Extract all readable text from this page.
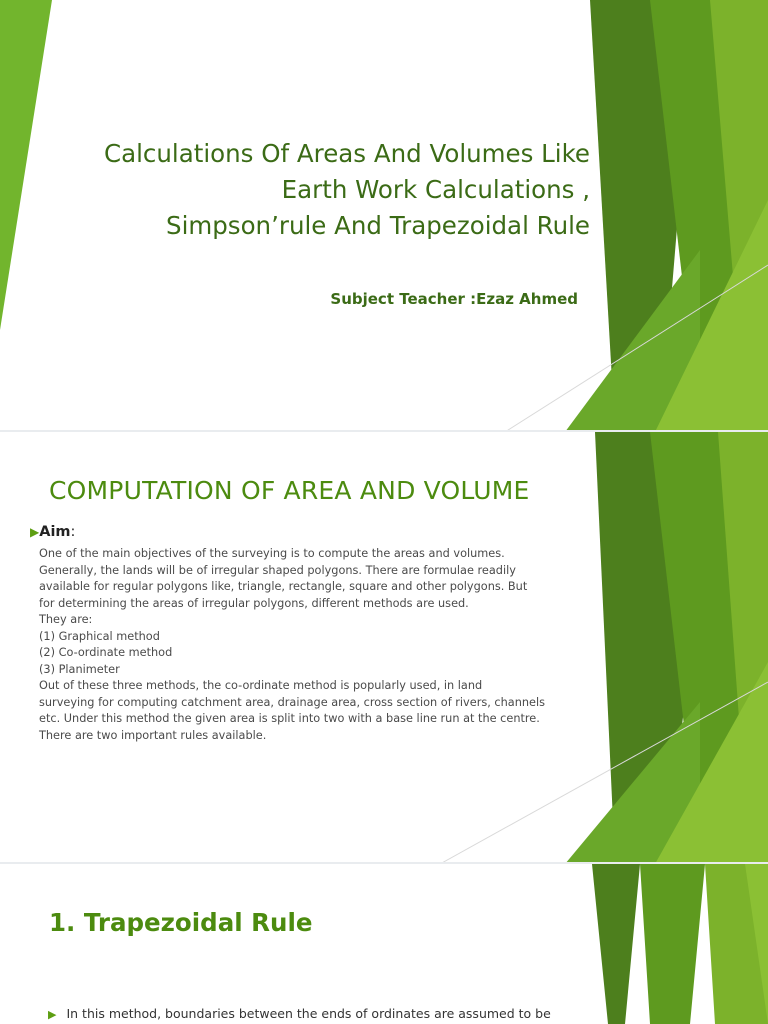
Calculations Of Areas And Volumes Like
Earth Work Calculations ,
Simpson’rule And Trapezoidal Rule
Subject Teacher :Ezaz Ahmed
COMPUTATION OF AREA AND VOLUME
▶Aim:
One of the main objectives of the surveying is to compute the areas and volumes.
Generally, the lands will be of irregular shaped polygons. There are formulae readily
available for regular polygons like, triangle, rectangle, square and other polygons. But
for determining the areas of irregular polygons, different methods are used.
They are:
(1) Graphical method
(2) Co-ordinate method
(3) Planimeter
Out of these three methods, the co-ordinate method is popularly used, in land
surveying for computing catchment area, drainage area, cross section of rivers, channels
etc. Under this method the given area is split into two with a base line run at the centre.
There are two important rules available.
1. Trapezoidal Rule
▶ In this method, boundaries between the ends of ordinates are assumed to be
